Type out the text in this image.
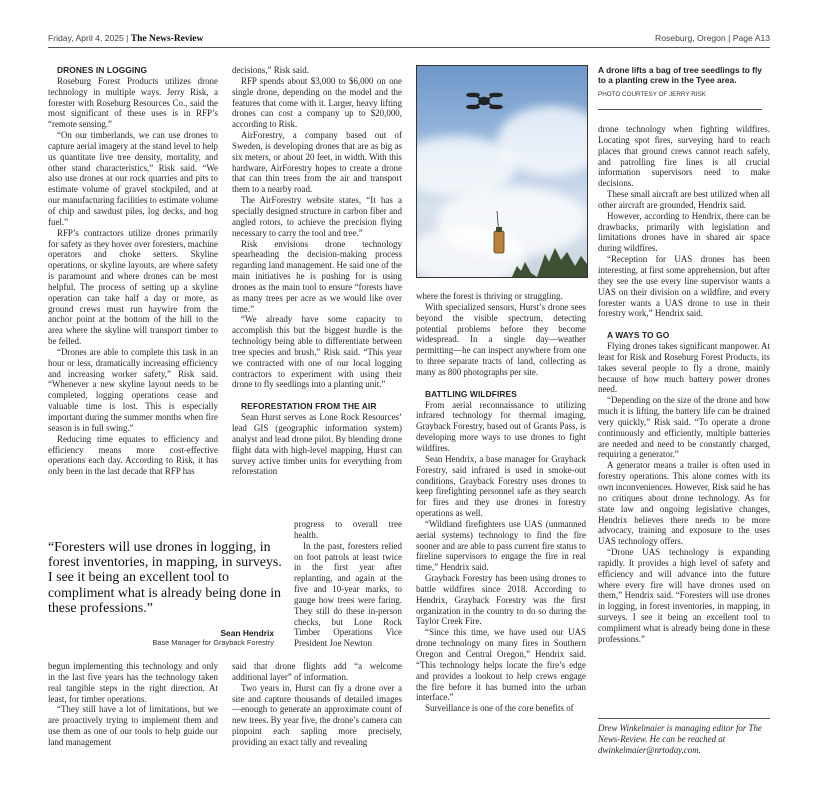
Friday, April 4, 2025 | The News-Review	Roseburg, Oregon | Page A13

DRONES IN LOGGING

Roseburg Forest Products utilizes drone technology in multiple ways. Jerry Risk, a forester with Roseburg Resources Co., said the most significant of these uses is in RFP’s “remote sensing.”

“On our timberlands, we can use drones to capture aerial imagery at the stand level to help us quantitate live tree density, mortality, and other stand characteristics,” Risk said. “We also use drones at our rock quarries and pits to estimate volume of gravel stockpiled, and at our manufacturing facilities to estimate volume of chip and sawdust piles, log decks, and hog fuel.”

RFP’s contractors utilize drones primarily for safety as they hover over foresters, machine operators and choke setters. Skyline operations, or skyline layouts, are where safety is paramount and where drones can be most helpful. The process of setting up a skyline operation can take half a day or more, as ground crews must run haywire from the anchor point at the bottom of the hill to the area where the skyline will transport timber to be felled.

“Drones are able to complete this task in an hour or less, dramatically increasing efficiency and increasing worker safety,” Risk said. “Whenever a new skyline layout needs to be completed, logging operations cease and valuable time is lost. This is especially important during the summer months when fire season is in full swing.”

Reducing time equates to efficiency and efficiency means more cost-effective operations each day. According to Risk, it has only been in the last decade that RFP has

“Foresters will use drones in logging, in forest inventories, in mapping, in surveys. I see it being an excellent tool to compliment what is already being done in these professions.”
Sean Hendrix
Base Manager for Grayback Forestry

begun implementing this technology and only in the last five years has the technology taken real tangible steps in the right direction. At least, for timber operations.

“They still have a lot of limitations, but we are proactively trying to implement them and use them as one of our tools to help guide our land management

decisions,” Risk said.

RFP spends about $3,000 to $6,000 on one single drone, depending on the model and the features that come with it. Larger, heavy lifting drones can cost a company up to $20,000, according to Risk.

AirForestry, a company based out of Sweden, is developing drones that are as big as six meters, or about 20 feet, in width. With this hardware, AirForestry hopes to create a drone that can thin trees from the air and transport them to a nearby road.

The AirForestry website states, “It has a specially designed structure in carbon fiber and angled rotors, to achieve the precision flying necessary to carry the tool and tree.”

Risk envisions drone technology spearheading the decision-making process regarding land management. He said one of the main initiatives he is pushing for is using drones as the main tool to ensure “forests have as many trees per acre as we would like over time.”

“We already have some capacity to accomplish this but the biggest hurdle is the technology being able to differentiate between tree species and brush,” Risk said. “This year we contracted with one of our local logging contractors to experiment with using their drone to fly seedlings into a planting unit.”

REFORESTATION FROM THE AIR

Sean Hurst serves as Lone Rock Resources’ lead GIS (geographic information system) analyst and lead drone pilot. By blending drone flight data with high-level mapping, Hurst can survey active timber units for everything from reforestation

progress to overall tree health.

In the past, foresters relied on foot patrols at least twice in the first year after replanting, and again at the five and 10-year marks, to gauge how trees were faring. They still do these in-person checks, but Lone Rock Timber Operations Vice President Joe Newton

said that drone flights add “a welcome additional layer” of information.

Two years in, Hurst can fly a drone over a site and capture thousands of detailed images—enough to generate an approximate count of new trees. By year five, the drone’s camera can pinpoint each sapling more precisely, providing an exact tally and revealing

A drone lifts a bag of tree seedlings to fly to a planting crew in the Tyee area.
PHOTO COURTESY OF JERRY RISK

where the forest is thriving or struggling.

With specialized sensors, Hurst’s drone sees beyond the visible spectrum, detecting potential problems before they become widespread. In a single day—weather permitting—he can inspect anywhere from one to three separate tracts of land, collecting as many as 800 photographs per site.

BATTLING WILDFIRES

From aerial reconnaissance to utilizing infrared technology for thermal imaging, Grayback Forestry, based out of Grants Pass, is developing more ways to use drones to fight wildfires.

Sean Hendrix, a base manager for Grayback Forestry, said infrared is used in smoke-out conditions, Grayback Forestry uses drones to keep firefighting personnel safe as they search for fires and they use drones in forestry operations as well.

“Wildland firefighters use UAS (unmanned aerial systems) technology to find the fire sooner and are able to pass current fire status to fireline supervisors to engage the fire in real time,” Hendrix said.

Grayback Forestry has been using drones to battle wildfires since 2018. According to Hendrix, Grayback Forestry was the first organization in the country to do so during the Taylor Creek Fire.

“Since this time, we have used our UAS drone technology on many fires in Southern Oregon and Central Oregon,” Hendrix said. “This technology helps locate the fire’s edge and provides a lookout to help crews engage the fire before it has burned into the urban interface.”

Surveillance is one of the core benefits of

drone technology when fighting wildfires. Locating spot fires, surveying hard to reach places that ground crews cannot reach safely, and patrolling fire lines is all crucial information supervisors need to make decisions.

These small aircraft are best utilized when all other aircraft are grounded, Hendrix said.

However, according to Hendrix, there can be drawbacks, primarily with legislation and limitations drones have in shared air space during wildfires.

“Reception for UAS drones has been interesting, at first some apprehension, but after they see the use every line supervisor wants a UAS on their division on a wildfire, and every forester wants a UAS drone to use in their forestry work,” Hendrix said.

A WAYS TO GO

Flying drones takes significant manpower. At least for Risk and Roseburg Forest Products, its takes several people to fly a drone, mainly because of how much battery power drones need.

“Depending on the size of the drone and how much it is lifting, the battery life can be drained very quickly,” Risk said. “To operate a drone continuously and efficiently, multiple batteries are needed and need to be constantly charged, requiring a generator.”

A generator means a trailer is often used in forestry operations. This alone comes with its own inconveniences. However, Risk said he has no critiques about drone technology. As for state law and ongoing legislative changes, Hendrix believes there needs to be more advocacy, training and exposure to the uses UAS technology offers.

“Drone UAS technology is expanding rapidly. It provides a high level of safety and efficiency and will advance into the future where every fire will have drones used on them,” Hendrix said. “Foresters will use drones in logging, in forest inventories, in mapping, in surveys. I see it being an excellent tool to compliment what is already being done in these professions.”

Drew Winkelmaier is managing editor for The News-Review. He can be reached at dwinkelmaier@nrtoday.com.
